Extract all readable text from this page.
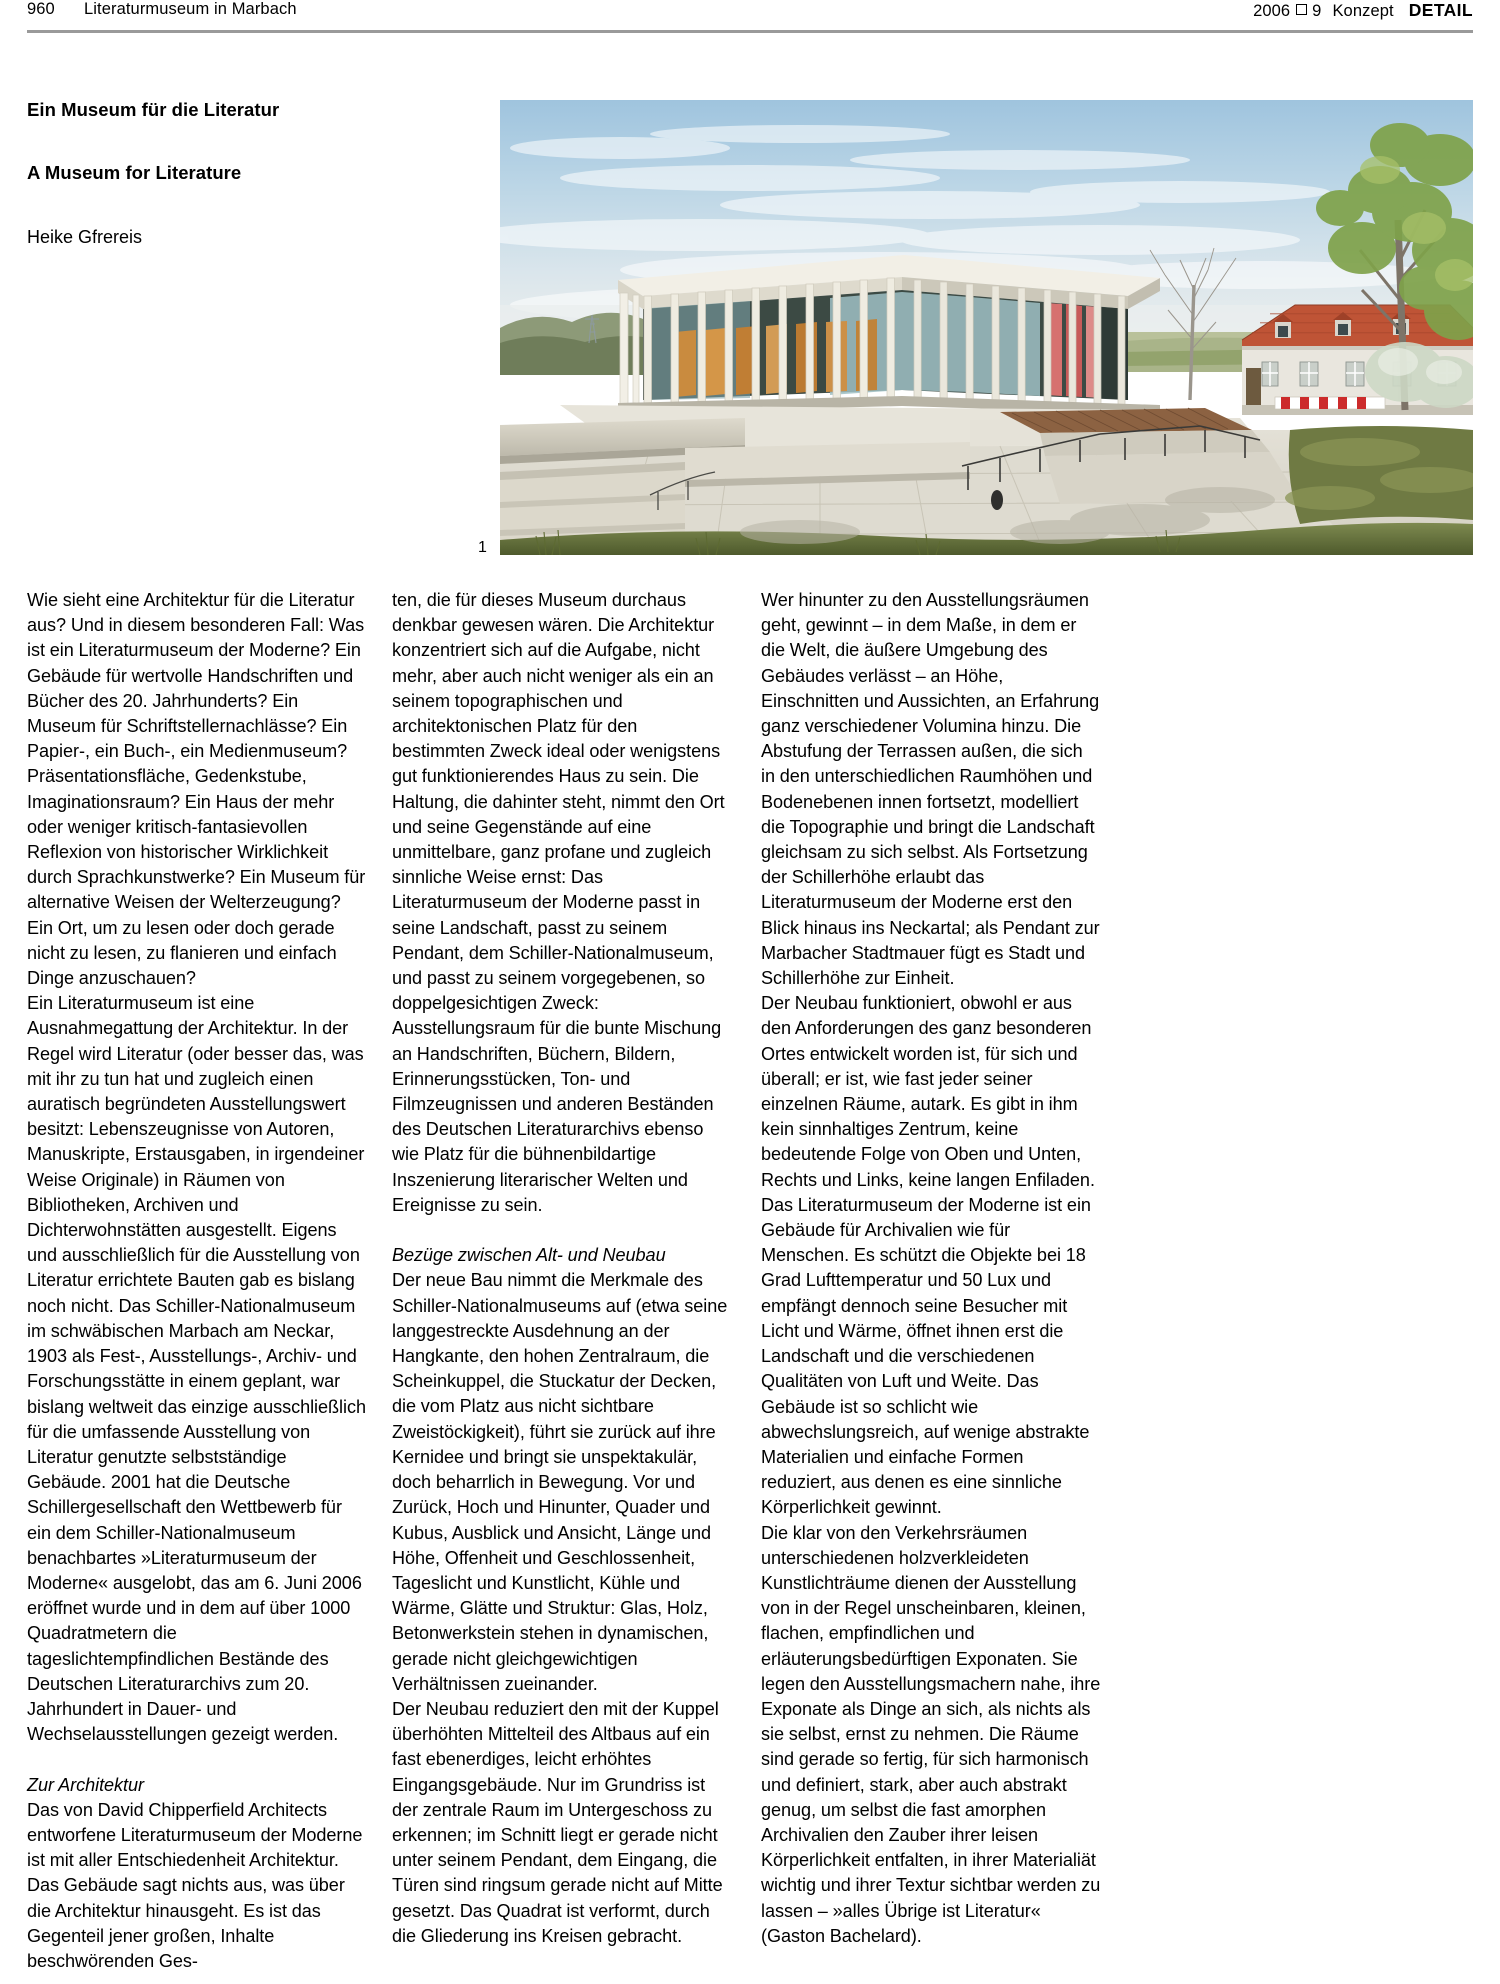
960	Literaturmuseum in Marbach	2006 9 Konzept DETAIL
Ein Museum für die Literatur
A Museum for Literature
Heike Gfrereis
1

Wie sieht eine Architektur für die Literatur aus? Und in diesem besonderen Fall: Was ist ein Literaturmuseum der Moderne? Ein Gebäude für wertvolle Handschriften und Bücher des 20. Jahrhunderts? Ein Museum für Schriftstellernachlässe? Ein Papier-, ein Buch-, ein Medienmuseum? Präsentationsfläche, Gedenkstube, Imaginationsraum? Ein Haus der mehr oder weniger kritisch-fantasievollen Reflexion von historischer Wirklichkeit durch Sprachkunstwerke? Ein Museum für alternative Weisen der Welterzeugung? Ein Ort, um zu lesen oder doch gerade nicht zu lesen, zu flanieren und einfach Dinge anzuschauen?

Ein Literaturmuseum ist eine Ausnahmegattung der Architektur. In der Regel wird Literatur (oder besser das, was mit ihr zu tun hat und zugleich einen auratisch begründeten Ausstellungswert besitzt: Lebenszeugnisse von Autoren, Manuskripte, Erstausgaben, in irgendeiner Weise Originale) in Räumen von Bibliotheken, Archiven und Dichterwohnstätten ausgestellt. Eigens und ausschließlich für die Ausstellung von Literatur errichtete Bauten gab es bislang noch nicht. Das Schiller-Nationalmuseum im schwäbischen Marbach am Neckar, 1903 als Fest-, Ausstellungs-, Archiv- und Forschungsstätte in einem geplant, war bislang weltweit das einzige ausschließlich für die umfassende Ausstellung von Literatur genutzte selbstständige Gebäude. 2001 hat die Deutsche Schillergesellschaft den Wettbewerb für ein dem Schiller-Nationalmuseum benachbartes »Literaturmuseum der Moderne« ausgelobt, das am 6. Juni 2006 eröffnet wurde und in dem auf über 1000 Quadratmetern die tageslichtempfindlichen Bestände des Deutschen Literaturarchivs zum 20. Jahrhundert in Dauer- und Wechselausstellungen gezeigt werden.

Zur Architektur

Das von David Chipperfield Architects entworfene Literaturmuseum der Moderne ist mit aller Entschiedenheit Architektur. Das Gebäude sagt nichts aus, was über die Architektur hinausgeht. Es ist das Gegenteil jener großen, Inhalte beschwörenden Ges-

ten, die für dieses Museum durchaus denkbar gewesen wären. Die Architektur konzentriert sich auf die Aufgabe, nicht mehr, aber auch nicht weniger als ein an seinem topographischen und architektonischen Platz für den bestimmten Zweck ideal oder wenigstens gut funktionierendes Haus zu sein. Die Haltung, die dahinter steht, nimmt den Ort und seine Gegenstände auf eine unmittelbare, ganz profane und zugleich sinnliche Weise ernst: Das Literaturmuseum der Moderne passt in seine Landschaft, passt zu seinem Pendant, dem Schiller-Nationalmuseum, und passt zu seinem vorgegebenen, so doppelgesichtigen Zweck: Ausstellungsraum für die bunte Mischung an Handschriften, Büchern, Bildern, Erinnerungsstücken, Ton- und Filmzeugnissen und anderen Beständen des Deutschen Literaturarchivs ebenso wie Platz für die bühnenbildartige Inszenierung literarischer Welten und Ereignisse zu sein.

Bezüge zwischen Alt- und Neubau

Der neue Bau nimmt die Merkmale des Schiller-Nationalmuseums auf (etwa seine langgestreckte Ausdehnung an der Hangkante, den hohen Zentralraum, die Scheinkuppel, die Stuckatur der Decken, die vom Platz aus nicht sichtbare Zweistöckigkeit), führt sie zurück auf ihre Kernidee und bringt sie unspektakulär, doch beharrlich in Bewegung. Vor und Zurück, Hoch und Hinunter, Quader und Kubus, Ausblick und Ansicht, Länge und Höhe, Offenheit und Geschlossenheit, Tageslicht und Kunstlicht, Kühle und Wärme, Glätte und Struktur: Glas, Holz, Betonwerkstein stehen in dynamischen, gerade nicht gleichgewichtigen Verhältnissen zueinander.

Der Neubau reduziert den mit der Kuppel überhöhten Mittelteil des Altbaus auf ein fast ebenerdiges, leicht erhöhtes Eingangsgebäude. Nur im Grundriss ist der zentrale Raum im Untergeschoss zu erkennen; im Schnitt liegt er gerade nicht unter seinem Pendant, dem Eingang, die Türen sind ringsum gerade nicht auf Mitte gesetzt. Das Quadrat ist verformt, durch die Gliederung ins Kreisen gebracht.

Wer hinunter zu den Ausstellungsräumen geht, gewinnt – in dem Maße, in dem er die Welt, die äußere Umgebung des Gebäudes verlässt – an Höhe, Einschnitten und Aussichten, an Erfahrung ganz verschiedener Volumina hinzu. Die Abstufung der Terrassen außen, die sich in den unterschiedlichen Raumhöhen und Bodenebenen innen fortsetzt, modelliert die Topographie und bringt die Landschaft gleichsam zu sich selbst. Als Fortsetzung der Schillerhöhe erlaubt das Literaturmuseum der Moderne erst den Blick hinaus ins Neckartal; als Pendant zur Marbacher Stadtmauer fügt es Stadt und Schillerhöhe zur Einheit.

Der Neubau funktioniert, obwohl er aus den Anforderungen des ganz besonderen Ortes entwickelt worden ist, für sich und überall; er ist, wie fast jeder seiner einzelnen Räume, autark. Es gibt in ihm kein sinnhaltiges Zentrum, keine bedeutende Folge von Oben und Unten, Rechts und Links, keine langen Enfiladen.

Das Literaturmuseum der Moderne ist ein Gebäude für Archivalien wie für Menschen. Es schützt die Objekte bei 18 Grad Lufttemperatur und 50 Lux und empfängt dennoch seine Besucher mit Licht und Wärme, öffnet ihnen erst die Landschaft und die verschiedenen Qualitäten von Luft und Weite. Das Gebäude ist so schlicht wie abwechslungsreich, auf wenige abstrakte Materialien und einfache Formen reduziert, aus denen es eine sinnliche Körperlichkeit gewinnt.

Die klar von den Verkehrsräumen unterschiedenen holzverkleideten Kunstlichträume dienen der Ausstellung von in der Regel unscheinbaren, kleinen, flachen, empfindlichen und erläuterungsbedürftigen Exponaten. Sie legen den Ausstellungsmachern nahe, ihre Exponate als Dinge an sich, als nichts als sie selbst, ernst zu nehmen. Die Räume sind gerade so fertig, für sich harmonisch und definiert, stark, aber auch abstrakt genug, um selbst die fast amorphen Archivalien den Zauber ihrer leisen Körperlichkeit entfalten, in ihrer Materialiät wichtig und ihrer Textur sichtbar werden zu lassen – »alles Übrige ist Literatur« (Gaston Bachelard).
